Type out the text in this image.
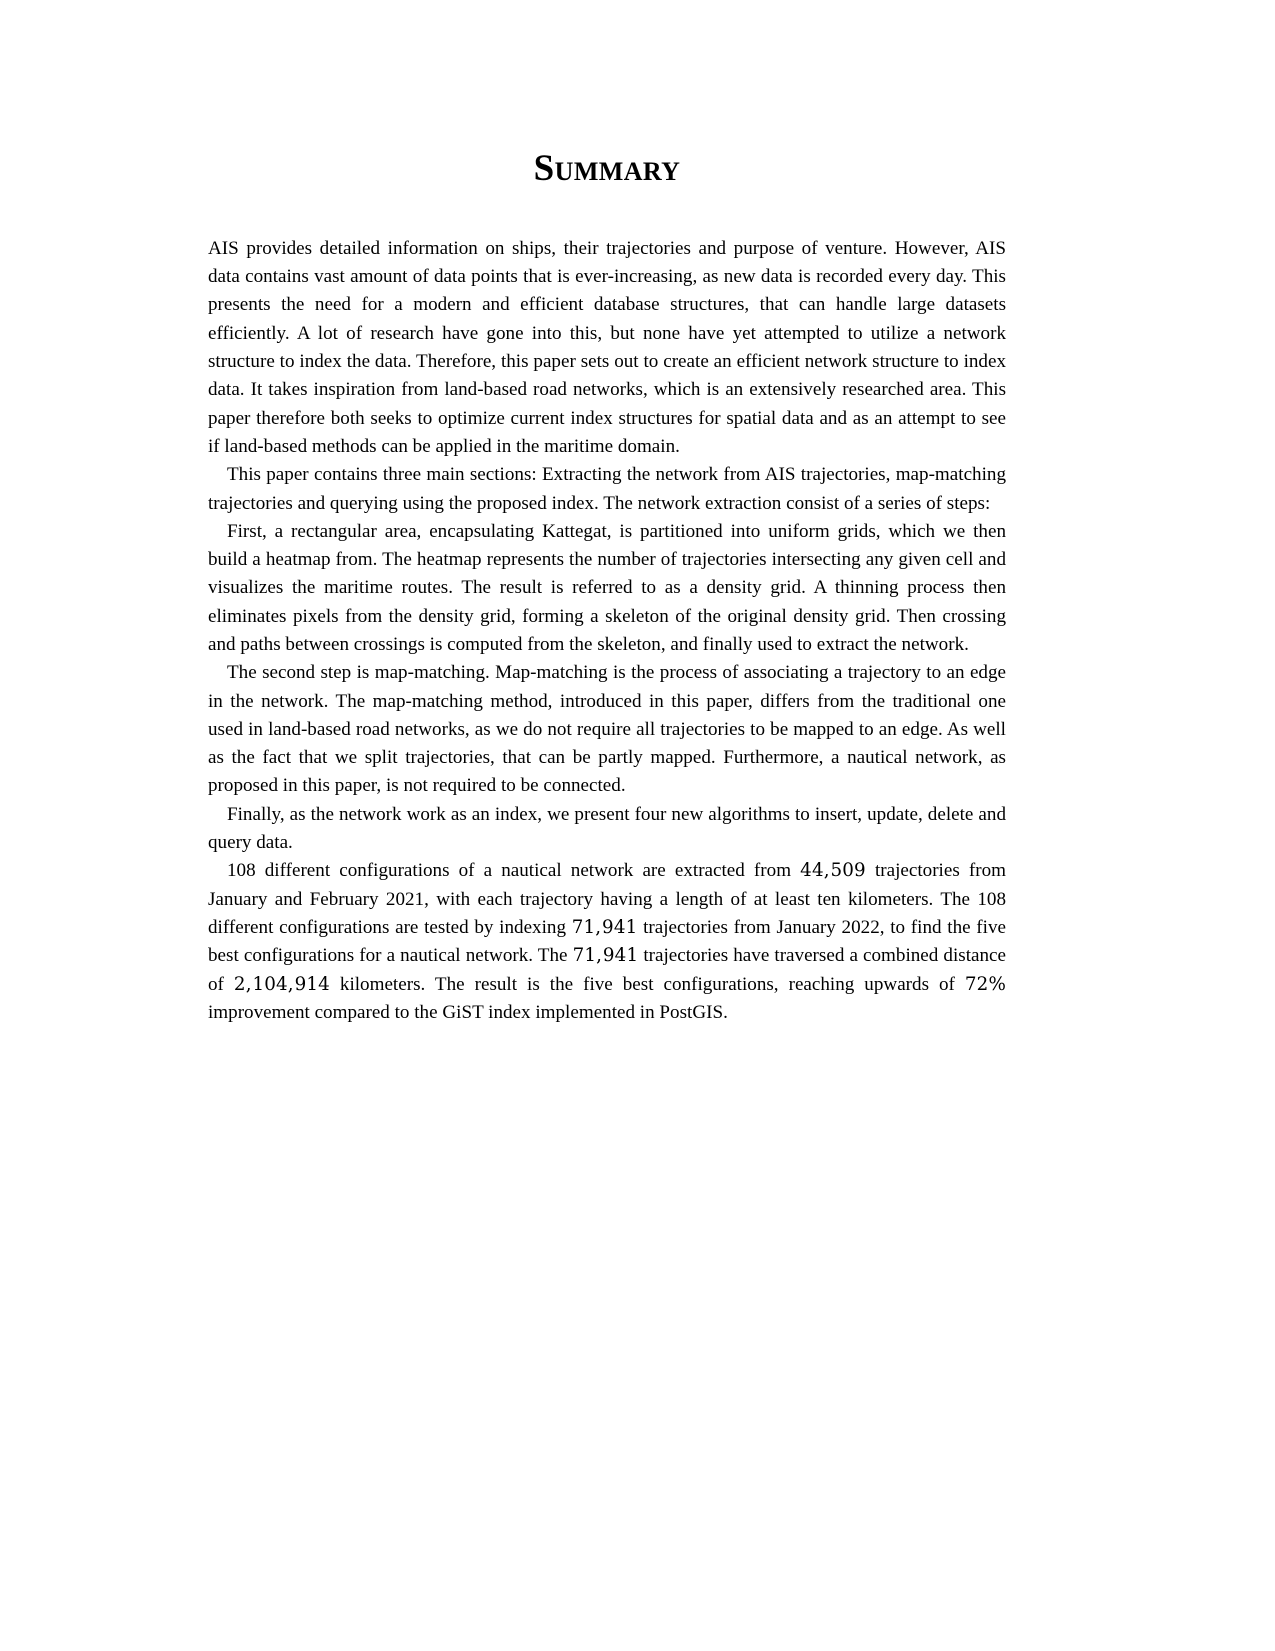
Summary

AIS provides detailed information on ships, their trajectories and purpose of venture. However, AIS data contains vast amount of data points that is ever-increasing, as new data is recorded every day. This presents the need for a modern and efficient database structures, that can handle large datasets efficiently. A lot of research have gone into this, but none have yet attempted to utilize a network structure to index the data. Therefore, this paper sets out to create an efficient network structure to index data. It takes inspiration from land-based road networks, which is an extensively researched area. This paper therefore both seeks to optimize current index structures for spatial data and as an attempt to see if land-based methods can be applied in the maritime domain.

This paper contains three main sections: Extracting the network from AIS trajectories, map-matching trajectories and querying using the proposed index. The network extraction consist of a series of steps:

First, a rectangular area, encapsulating Kattegat, is partitioned into uniform grids, which we then build a heatmap from. The heatmap represents the number of trajectories intersecting any given cell and visualizes the maritime routes. The result is referred to as a density grid. A thinning process then eliminates pixels from the density grid, forming a skeleton of the original density grid. Then crossing and paths between crossings is computed from the skeleton, and finally used to extract the network.

The second step is map-matching. Map-matching is the process of associating a trajectory to an edge in the network. The map-matching method, introduced in this paper, differs from the traditional one used in land-based road networks, as we do not require all trajectories to be mapped to an edge. As well as the fact that we split trajectories, that can be partly mapped. Furthermore, a nautical network, as proposed in this paper, is not required to be connected.

Finally, as the network work as an index, we present four new algorithms to insert, update, delete and query data.

108 different configurations of a nautical network are extracted from 44,509 trajectories from January and February 2021, with each trajectory having a length of at least ten kilometers. The 108 different configurations are tested by indexing 71,941 trajectories from January 2022, to find the five best configurations for a nautical network. The 71,941 trajectories have traversed a combined distance of 2,104,914 kilometers. The result is the five best configurations, reaching upwards of 72% improvement compared to the GiST index implemented in PostGIS.
